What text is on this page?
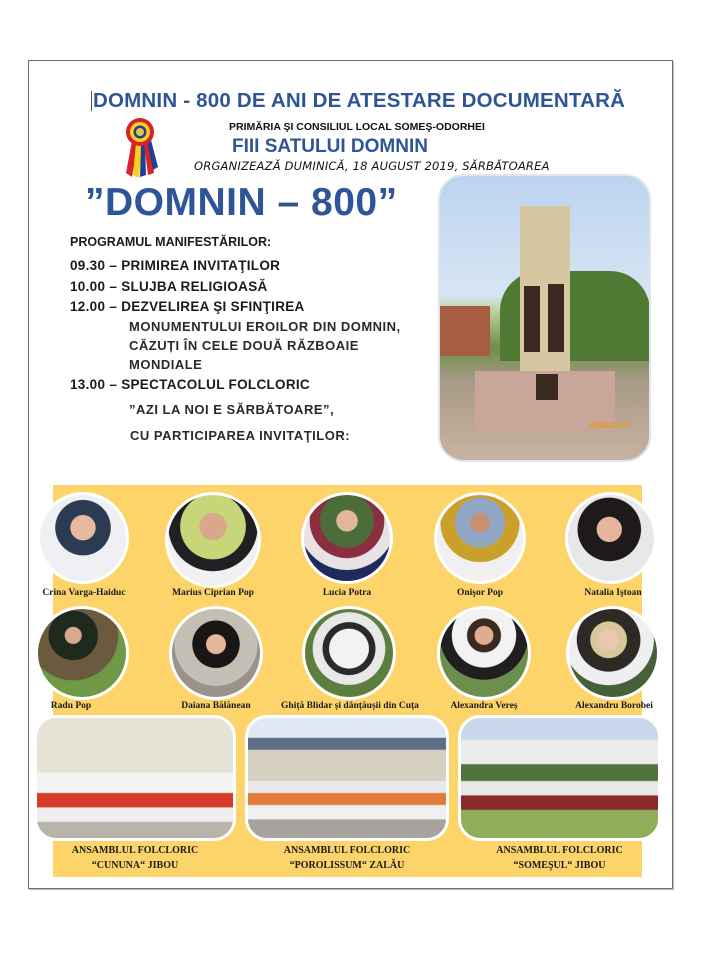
DOMNIN - 800 DE ANI DE ATESTARE DOCUMENTARĂ
PRIMĂRIA ŞI CONSILIUL LOCAL SOMEŞ-ODORHEI
FIII SATULUI DOMNIN
ORGANIZEAZĂ DUMINICĂ, 18 AUGUST 2019, SĂRBĂTOAREA
”DOMNIN – 800”
PROGRAMUL MANIFESTĂRILOR:
09.30 – PRIMIREA INVITAŢILOR
10.00 – SLUJBA RELIGIOASĂ
12.00 – DEZVELIREA ŞI SFINŢIREA
MONUMENTULUI EROILOR DIN DOMNIN,
CĂZUȚI ÎN CELE DOUĂ RĂZBOAIE
MONDIALE
13.00 – SPECTACOLUL FOLCLORIC
”AZI LA NOI E SĂRBĂTOARE”,
CU PARTICIPAREA INVITAŢILOR:
26/06/2019
Crina Varga-Haiduc	Marius Ciprian Pop	Lucia Potra	Onişor Pop	Natalia Iştoan
Radu Pop	Daiana Bălănean	Ghiță Blidar și dânțăușii din Cuța	Alexandra Vereș	Alexandru Borobei
ANSAMBLUL FOLCLORIC
“CUNUNA“ JIBOU
ANSAMBLUL FOLCLORIC
“POROLISSUM“ ZALĂU
ANSAMBLUL FOLCLORIC
“SOMEŞUL“ JIBOU
